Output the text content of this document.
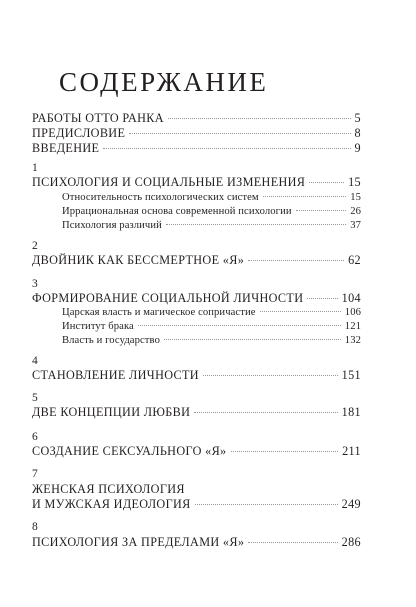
СОДЕРЖАНИЕ
РАБОТЫ ОТТО РАНКА	5
ПРЕДИСЛОВИЕ	8
ВВЕДЕНИЕ	9
1
ПСИХОЛОГИЯ И СОЦИАЛЬНЫЕ ИЗМЕНЕНИЯ	15
Относительность психологических систем	15
Иррациональная основа современной психологии	26
Психология различий	37
2
ДВОЙНИК КАК БЕССМЕРТНОЕ «Я»	62
3
ФОРМИРОВАНИЕ СОЦИАЛЬНОЙ ЛИЧНОСТИ	104
Царская власть и магическое сопричастие	106
Институт брака	121
Власть и государство	132
4
СТАНОВЛЕНИЕ ЛИЧНОСТИ	151
5
ДВЕ КОНЦЕПЦИИ ЛЮБВИ	181
6
СОЗДАНИЕ СЕКСУАЛЬНОГО «Я»	211
7
ЖЕНСКАЯ ПСИХОЛОГИЯ
И МУЖСКАЯ ИДЕОЛОГИЯ	249
8
ПСИХОЛОГИЯ ЗА ПРЕДЕЛАМИ «Я»	286
